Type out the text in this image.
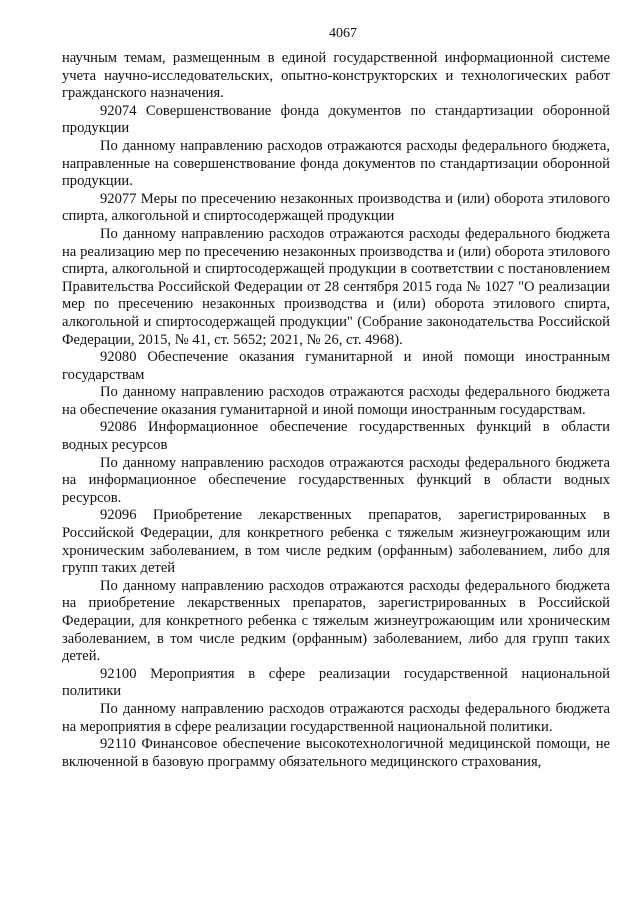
4067

научным темам, размещенным в единой государственной информационной системе учета научно-исследовательских, опытно-конструкторских и технологических работ гражданского назначения.

92074 Совершенствование фонда документов по стандартизации оборонной продукции

По данному направлению расходов отражаются расходы федерального бюджета, направленные на совершенствование фонда документов по стандартизации оборонной продукции.

92077 Меры по пресечению незаконных производства и (или) оборота этилового спирта, алкогольной и спиртосодержащей продукции

По данному направлению расходов отражаются расходы федерального бюджета на реализацию мер по пресечению незаконных производства и (или) оборота этилового спирта, алкогольной и спиртосодержащей продукции в соответствии с постановлением Правительства Российской Федерации от 28 сентября 2015 года № 1027 "О реализации мер по пресечению незаконных производства и (или) оборота этилового спирта, алкогольной и спиртосодержащей продукции" (Собрание законодательства Российской Федерации, 2015, № 41, ст. 5652; 2021, № 26, ст. 4968).

92080 Обеспечение оказания гуманитарной и иной помощи иностранным государствам

По данному направлению расходов отражаются расходы федерального бюджета на обеспечение оказания гуманитарной и иной помощи иностранным государствам.

92086 Информационное обеспечение государственных функций в области водных ресурсов

По данному направлению расходов отражаются расходы федерального бюджета на информационное обеспечение государственных функций в области водных ресурсов.

92096 Приобретение лекарственных препаратов, зарегистрированных в Российской Федерации, для конкретного ребенка с тяжелым жизнеугрожающим или хроническим заболеванием, в том числе редким (орфанным) заболеванием, либо для групп таких детей

По данному направлению расходов отражаются расходы федерального бюджета на приобретение лекарственных препаратов, зарегистрированных в Российской Федерации, для конкретного ребенка с тяжелым жизнеугрожающим или хроническим заболеванием, в том числе редким (орфанным) заболеванием, либо для групп таких детей.

92100 Мероприятия в сфере реализации государственной национальной политики

По данному направлению расходов отражаются расходы федерального бюджета на мероприятия в сфере реализации государственной национальной политики.

92110 Финансовое обеспечение высокотехнологичной медицинской помощи, не включенной в базовую программу обязательного медицинского страхования,
